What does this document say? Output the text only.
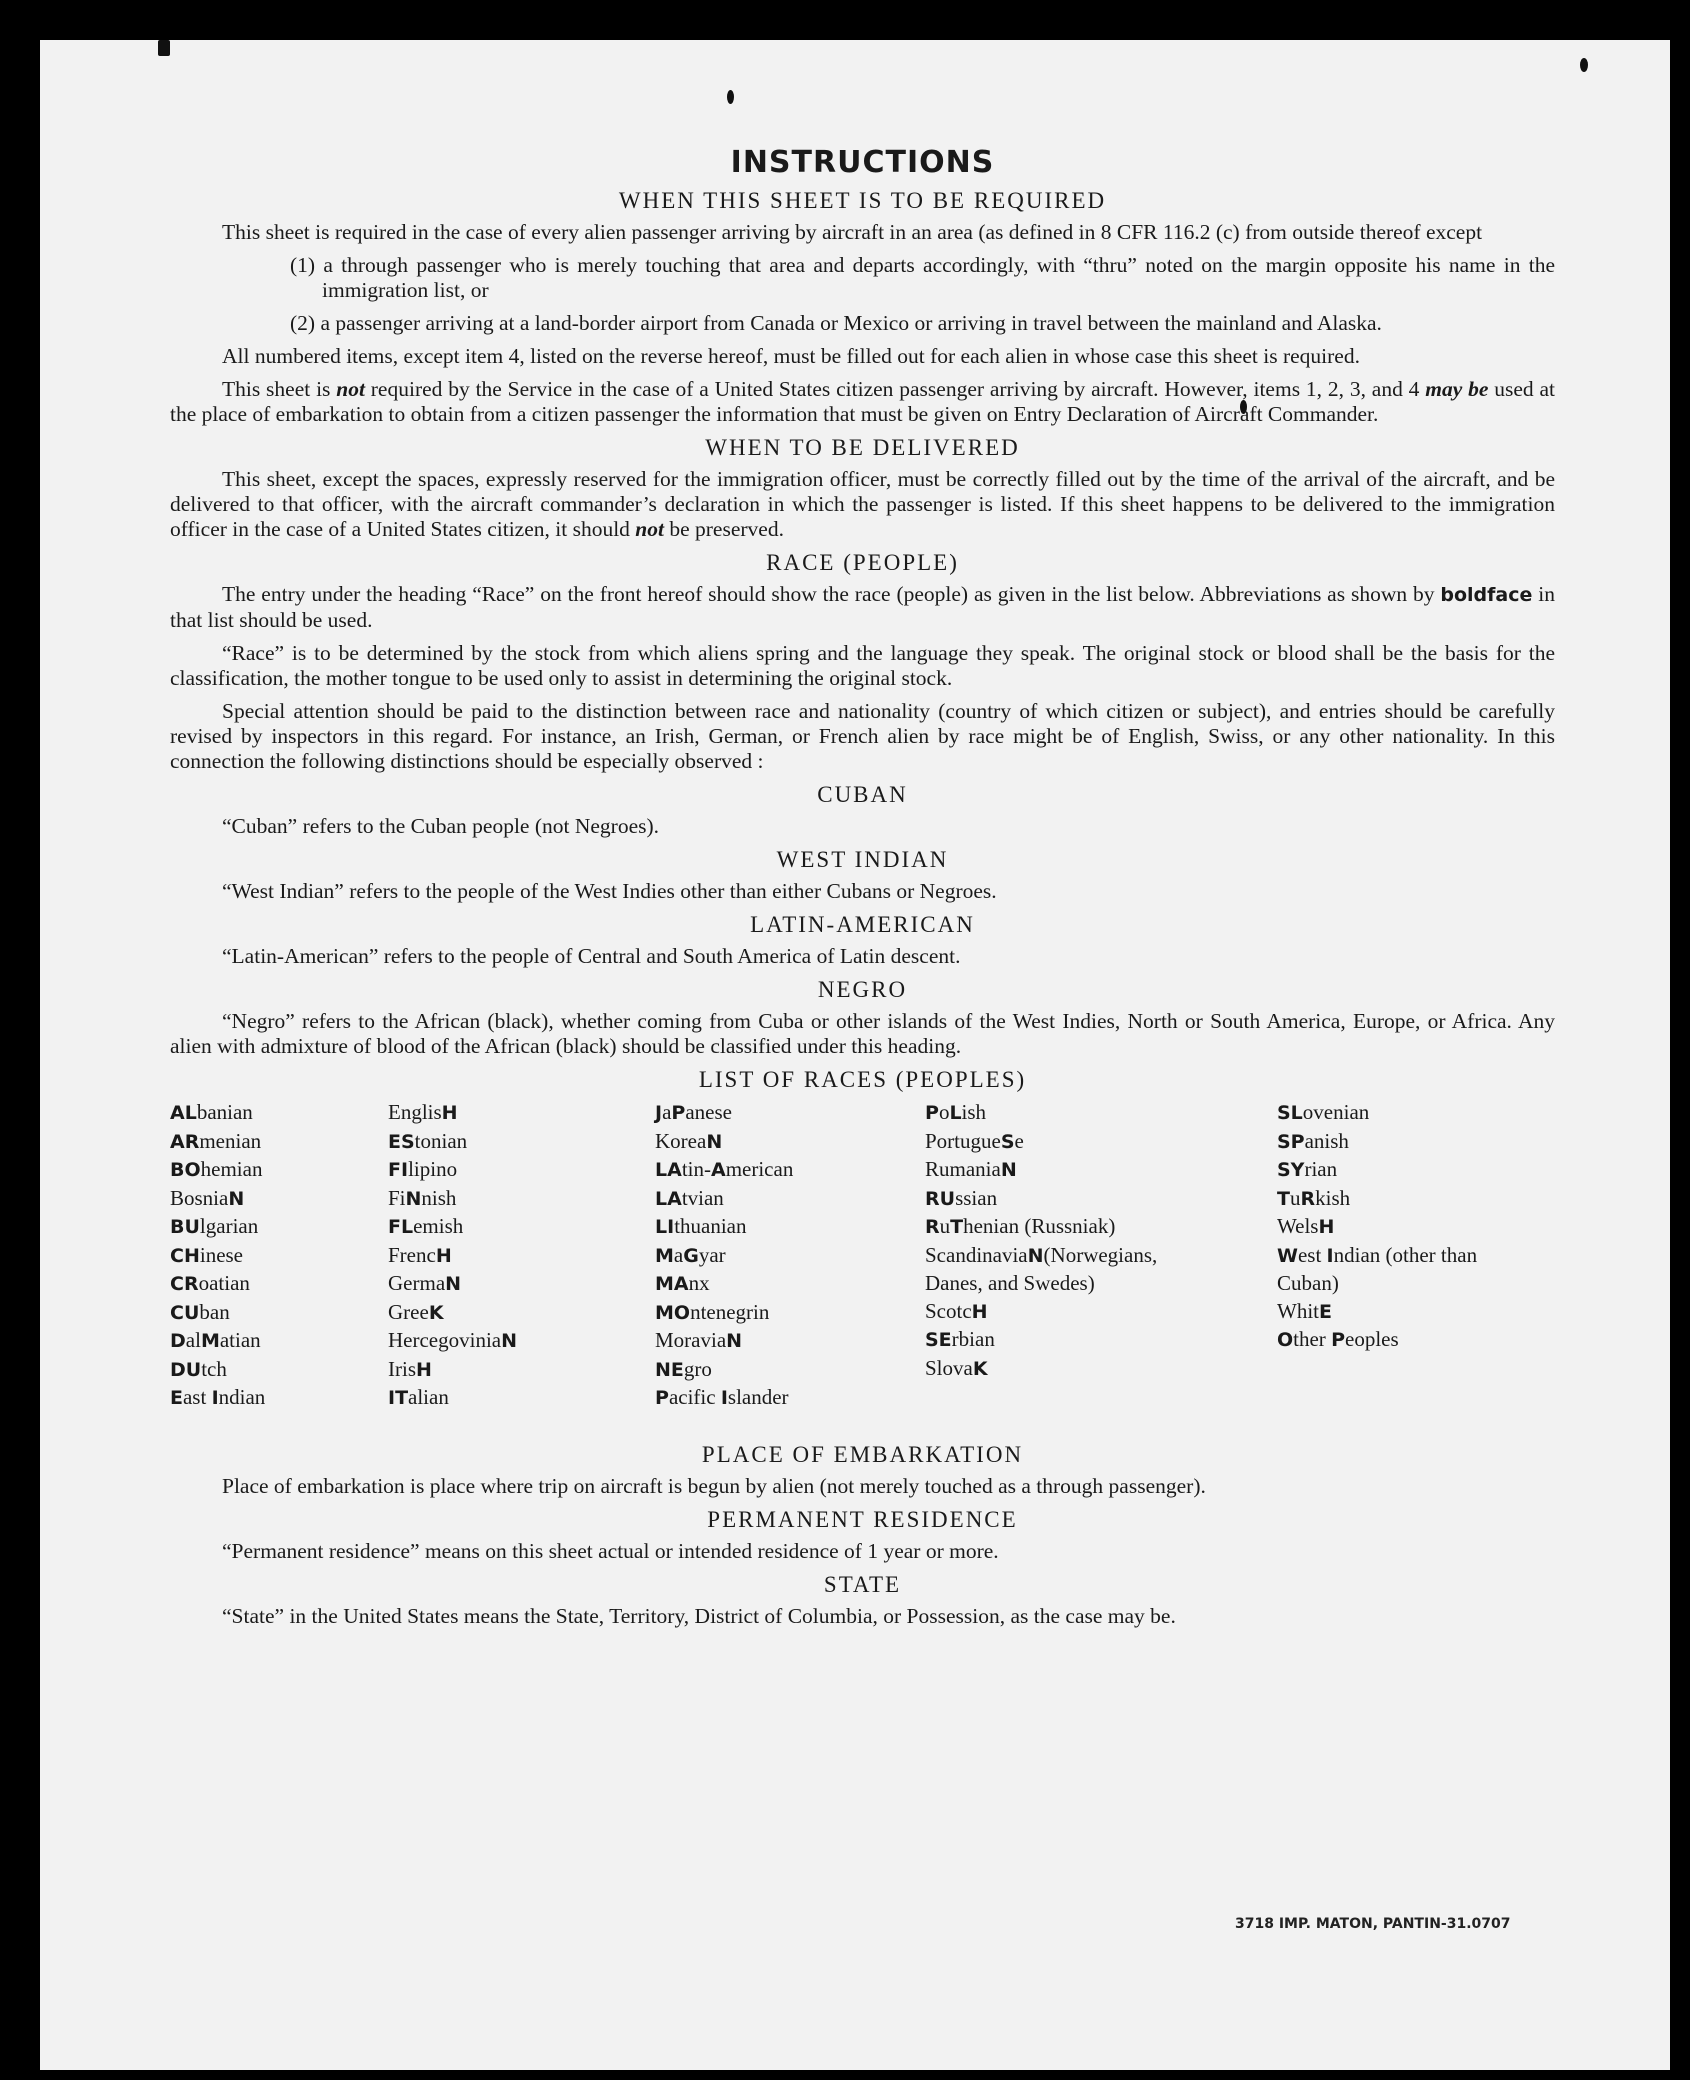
INSTRUCTIONS
WHEN THIS SHEET IS TO BE REQUIRED

This sheet is required in the case of every alien passenger arriving by aircraft in an area (as defined in 8 CFR 116.2 (c) from outside thereof except

(1) a through passenger who is merely touching that area and departs accordingly, with “thru” noted on the margin opposite his name in the immigration list, or

(2) a passenger arriving at a land-border airport from Canada or Mexico or arriving in travel between the mainland and Alaska.

All numbered items, except item 4, listed on the reverse hereof, must be filled out for each alien in whose case this sheet is required.

This sheet is not required by the Service in the case of a United States citizen passenger arriving by aircraft. However, items 1, 2, 3, and 4 may be used at the place of embarkation to obtain from a citizen passenger the information that must be given on Entry Declaration of Aircraft Commander.

WHEN TO BE DELIVERED

This sheet, except the spaces, expressly reserved for the immigration officer, must be correctly filled out by the time of the arrival of the aircraft, and be delivered to that officer, with the aircraft commander’s declaration in which the passenger is listed. If this sheet happens to be delivered to the immigration officer in the case of a United States citizen, it should not be preserved.

RACE (PEOPLE)

The entry under the heading “Race” on the front hereof should show the race (people) as given in the list below. Abbreviations as shown by boldface in that list should be used.

“Race” is to be determined by the stock from which aliens spring and the language they speak. The original stock or blood shall be the basis for the classification, the mother tongue to be used only to assist in determining the original stock.

Special attention should be paid to the distinction between race and nationality (country of which citizen or subject), and entries should be carefully revised by inspectors in this regard. For instance, an Irish, German, or French alien by race might be of English, Swiss, or any other nationality. In this connection the following distinctions should be especially observed :

CUBAN

“Cuban” refers to the Cuban people (not Negroes).

WEST INDIAN

“West Indian” refers to the people of the West Indies other than either Cubans or Negroes.

LATIN-AMERICAN

“Latin-American” refers to the people of Central and South America of Latin descent.

NEGRO

“Negro” refers to the African (black), whether coming from Cuba or other islands of the West Indies, North or South America, Europe, or Africa. Any alien with admixture of blood of the African (black) should be classified under this heading.

LIST OF RACES (PEOPLES)
ALbanian
ARmenian
BOhemian
BosniaN
BUlgarian
CHinese
CRoatian
CUban
DalMatian
DUtch
East Indian
EnglisH
EStonian
FIlipino
FiNnish
FLemish
FrencH
GermaN
GreeK
HercegoviniaN
IrisH
ITalian
JaPanese
KoreaN
LAtin-American
LAtvian
LIthuanian
MaGyar
MAnx
MOntenegrin
MoraviaN
NEgro
Pacific Islander
PoLish
PortugueSe
RumaniaN
RUssian
RuThenian (Russniak)
ScandinaviaN(Norwegians, Danes, and Swedes)
ScotcH
SErbian
SlovaK
SLovenian
SPanish
SYrian
TuRkish
WelsH
West Indian (other than Cuban)
WhitE
Other Peoples
PLACE OF EMBARKATION

Place of embarkation is place where trip on aircraft is begun by alien (not merely touched as a through passenger).

PERMANENT RESIDENCE

“Permanent residence” means on this sheet actual or intended residence of 1 year or more.

STATE

“State” in the United States means the State, Territory, District of Columbia, or Possession, as the case may be.

3718 IMP. MATON, PANTIN-31.0707
